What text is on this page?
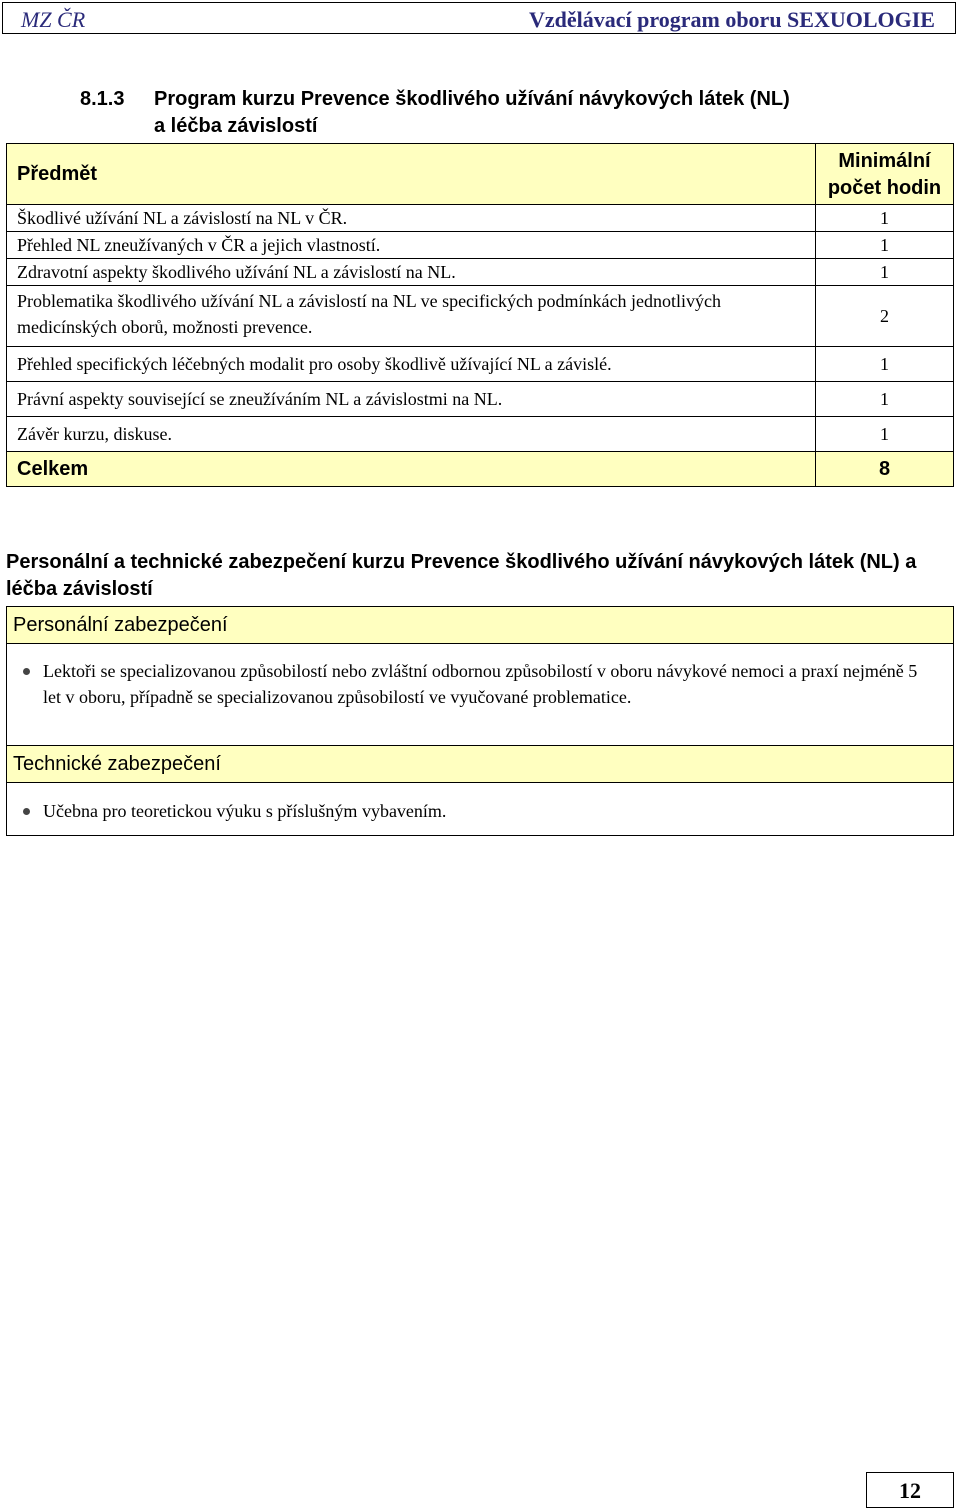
MZ ČR	Vzdělávací program oboru SEXUOLOGIE
8.1.3 Program kurzu Prevence škodlivého užívání návykových látek (NL)
a léčba závislostí
Předmět	Minimální
počet hodin

Škodlivé užívání NL a závislostí na NL v ČR.	1
Přehled NL zneužívaných v ČR a jejich vlastností.	1
Zdravotní aspekty škodlivého užívání NL a závislostí na NL.	1
Problematika škodlivého užívání NL a závislostí na NL ve specifických podmínkách jednotlivých medicínských oborů, možnosti prevence.	2
Přehled specifických léčebných modalit pro osoby škodlivě užívající NL a závislé.	1
Právní aspekty související se zneužíváním NL a závislostmi na NL.	1
Závěr kurzu, diskuse.	1
Celkem	8
Personální a technické zabezpečení kurzu Prevence škodlivého užívání návykových látek (NL) a léčba závislostí
Personální zabezpečení
Lektoři se specializovanou způsobilostí nebo zvláštní odbornou způsobilostí v oboru návykové nemoci a praxí nejméně 5 let v oboru, případně se specializovanou způsobilostí ve vyučované problematice.
Technické zabezpečení
Učebna pro teoretickou výuku s příslušným vybavením.
12
